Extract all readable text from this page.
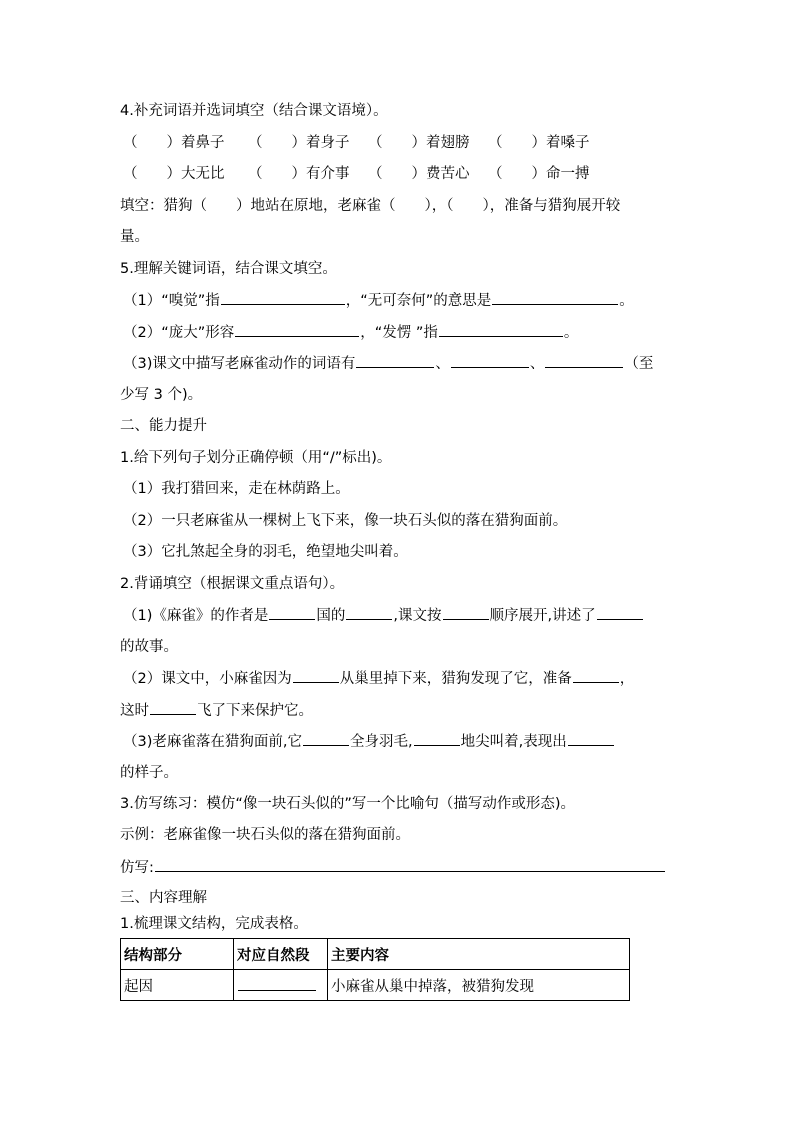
4.补充词语并选词填空（结合课文语境）。
（　　）着鼻子 （　　）着身子 （　　）着翅膀 （　　）着嗓子
（　　）大无比 （　　）有介事 （　　）费苦心 （　　）命一搏
填空：猎狗（　　）地站在原地，老麻雀（　　），（　　），准备与猎狗展开较
量。
5.理解关键词语，结合课文填空。
（1）“嗅觉”指	，“无可奈何”的意思是	。
（2）“庞大”形容	，“发愣 ”指	。
（3)课文中描写老麻雀动作的词语有	、	、	（至
少写 3 个)。
二、能力提升
1.给下列句子划分正确停顿（用“/”标出)。
（1）我打猎回来，走在林荫路上。
（2）一只老麻雀从一棵树上飞下来，像一块石头似的落在猎狗面前。
（3）它扎煞起全身的羽毛，绝望地尖叫着。
2.背诵填空（根据课文重点语句）。
（1)《麻雀》的作者是	国的	,课文按	顺序展开,讲述了
的故事。
（2）课文中，小麻雀因为	从巢里掉下来，猎狗发现了它，准备	，
这时	飞了下来保护它。
（3)老麻雀落在猎狗面前,它	全身羽毛,	地尖叫着,表现出
的样子。
3.仿写练习：模仿“像一块石头似的”写一个比喻句（描写动作或形态)。
示例：老麻雀像一块石头似的落在猎狗面前。
仿写:
三、内容理解
1.梳理课文结构，完成表格。
结构部分	对应自然段	主要内容
起因		小麻雀从巢中掉落，被猎狗发现
